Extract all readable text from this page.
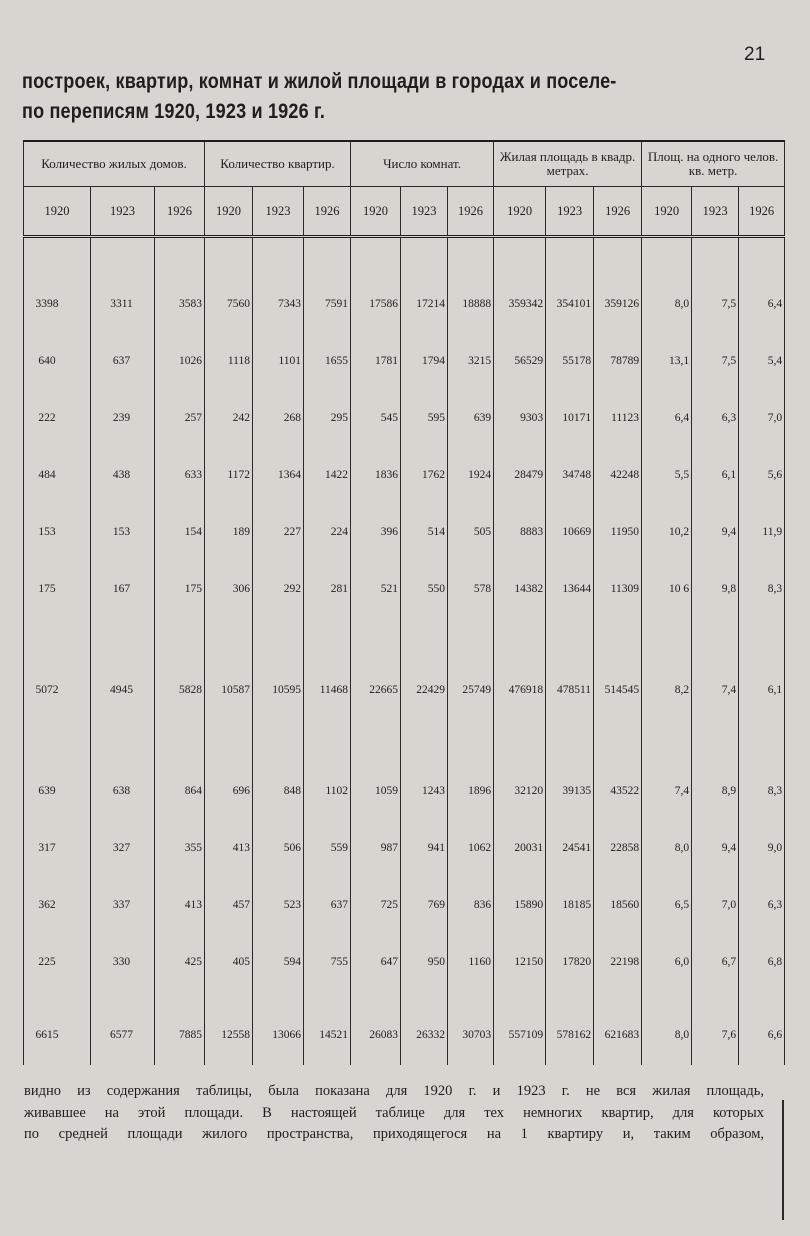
21
построек, квартир, комнат и жилой площади в городах и поселе-
по переписям 1920, 1923 и 1926 г.
Количество жилых домов.			Количество квартир.			Число комнат.			Жилая площадь в квадр. метрах.			Площ. на одного челов. кв. метр.		
1920	1923	1926	1920	1923	1926	1920	1923	1926	1920	1923	1926	1920	1923	1926

3398	3311	3583	7560	7343	7591	17586	17214	18888	359342	354101	359126	8,0	7,5	6,4
640	637	1026	1118	1101	1655	1781	1794	3215	56529	55178	78789	13,1	7,5	5,4
222	239	257	242	268	295	545	595	639	9303	10171	11123	6,4	6,3	7,0
484	438	633	1172	1364	1422	1836	1762	1924	28479	34748	42248	5,5	6,1	5,6
153	153	154	189	227	224	396	514	505	8883	10669	11950	10,2	9,4	11,9
175	167	175	306	292	281	521	550	578	14382	13644	11309	10 6	9,8	8,3
5072	4945	5828	10587	10595	11468	22665	22429	25749	476918	478511	514545	8,2	7,4	6,1
639	638	864	696	848	1102	1059	1243	1896	32120	39135	43522	7,4	8,9	8,3
317	327	355	413	506	559	987	941	1062	20031	24541	22858	8,0	9,4	9,0
362	337	413	457	523	637	725	769	836	15890	18185	18560	6,5	7,0	6,3
225	330	425	405	594	755	647	950	1160	12150	17820	22198	6,0	6,7	6,8
6615	6577	7885	12558	13066	14521	26083	26332	30703	557109	578162	621683	8,0	7,6	6,6
видно из содержания таблицы, была показана для 1920 г. и 1923 г. не вся жилая площадь,
живавшее на этой площади. В настоящей таблице для тех немногих квартир, для которых
по средней площади жилого пространства, приходящегося на 1 квартиру и, таким образом,
